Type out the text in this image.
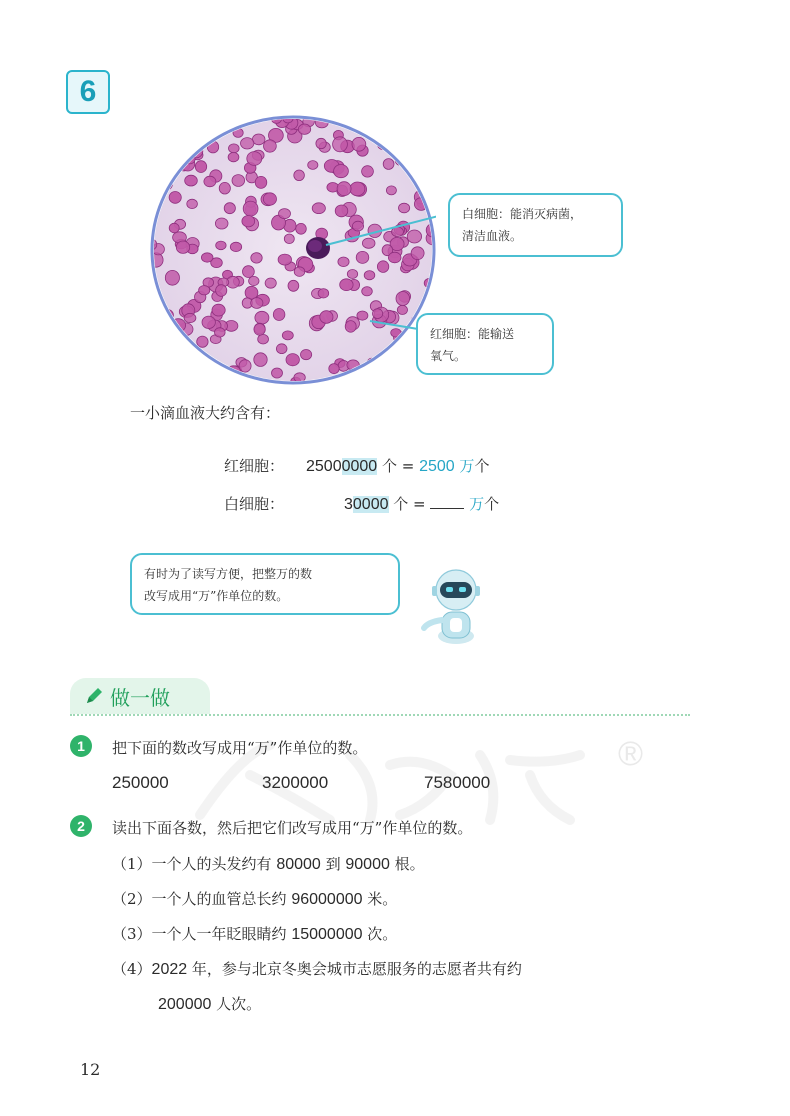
6
白细胞：能消灭病菌，
清洁血液。
红细胞：能输送
氧气。
一小滴血液大约含有：
红细胞： 25000000 个 = 2500 万个
白细胞：	30000 个 =  万个
有时为了读写方便，把整万的数
改写成用“万”作单位的数。
做一做
®
1	把下面的数改写成用“万”作单位的数。
250000	3200000	7580000
2	读出下面各数，然后把它们改写成用“万”作单位的数。
（1）一个人的头发约有 80000 到 90000 根。
（2）一个人的血管总长约 96000000 米。
（3）一个人一年眨眼睛约 15000000 次。
（4）2022 年，参与北京冬奥会城市志愿服务的志愿者共有约
200000 人次。
12
